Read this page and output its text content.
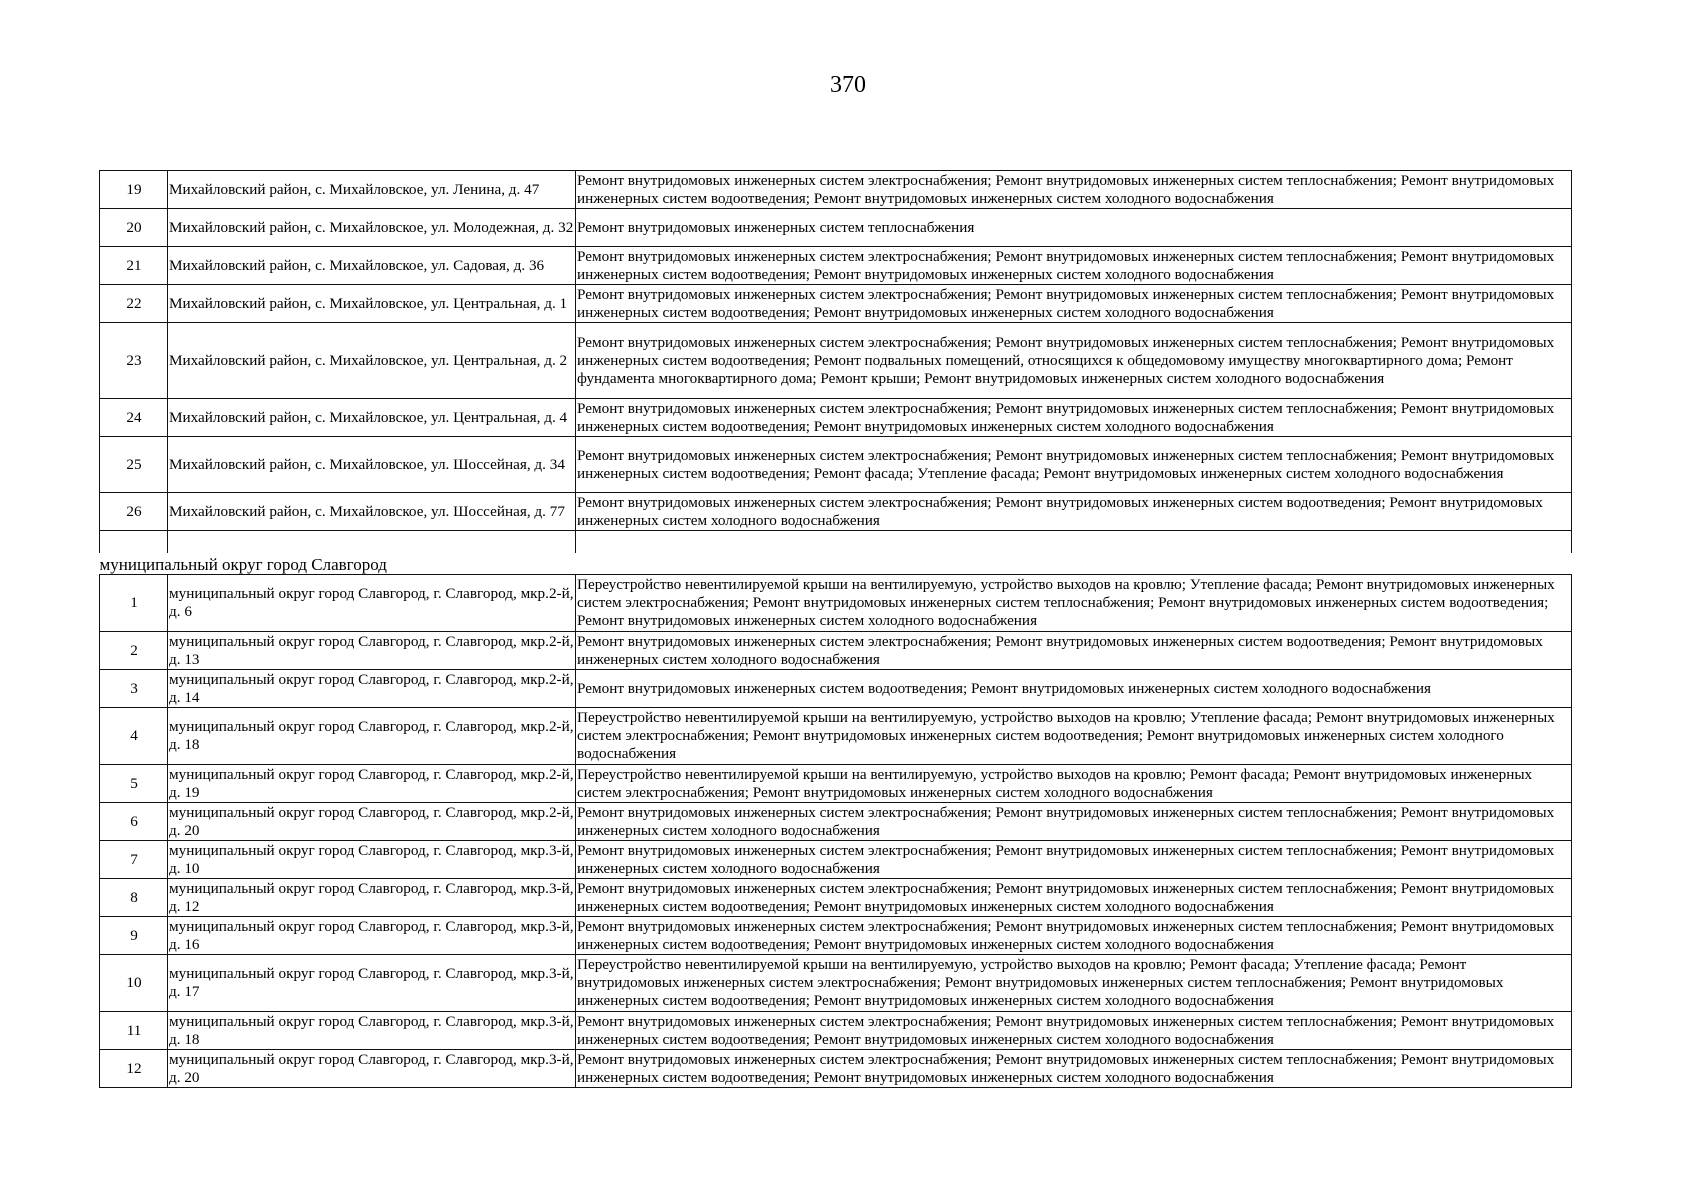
370
19	Михайловский район, с. Михайловское, ул. Ленина, д. 47	Ремонт внутридомовых инженерных систем электроснабжения; Ремонт внутридомовых инженерных систем теплоснабжения; Ремонт внутридомовых инженерных систем водоотведения; Ремонт внутридомовых инженерных систем холодного водоснабжения
20	Михайловский район, с. Михайловское, ул. Молодежная, д. 32	Ремонт внутридомовых инженерных систем теплоснабжения
21	Михайловский район, с. Михайловское, ул. Садовая, д. 36	Ремонт внутридомовых инженерных систем электроснабжения; Ремонт внутридомовых инженерных систем теплоснабжения; Ремонт внутридомовых инженерных систем водоотведения; Ремонт внутридомовых инженерных систем холодного водоснабжения
22	Михайловский район, с. Михайловское, ул. Центральная, д. 1	Ремонт внутридомовых инженерных систем электроснабжения; Ремонт внутридомовых инженерных систем теплоснабжения; Ремонт внутридомовых инженерных систем водоотведения; Ремонт внутридомовых инженерных систем холодного водоснабжения
23	Михайловский район, с. Михайловское, ул. Центральная, д. 2	Ремонт внутридомовых инженерных систем электроснабжения; Ремонт внутридомовых инженерных систем теплоснабжения; Ремонт внутридомовых инженерных систем водоотведения; Ремонт подвальных помещений, относящихся к общедомовому имуществу многоквартирного дома; Ремонт фундамента многоквартирного дома; Ремонт крыши; Ремонт внутридомовых инженерных систем холодного водоснабжения
24	Михайловский район, с. Михайловское, ул. Центральная, д. 4	Ремонт внутридомовых инженерных систем электроснабжения; Ремонт внутридомовых инженерных систем теплоснабжения; Ремонт внутридомовых инженерных систем водоотведения; Ремонт внутридомовых инженерных систем холодного водоснабжения
25	Михайловский район, с. Михайловское, ул. Шоссейная, д. 34	Ремонт внутридомовых инженерных систем электроснабжения; Ремонт внутридомовых инженерных систем теплоснабжения; Ремонт внутридомовых инженерных систем водоотведения; Ремонт фасада; Утепление фасада; Ремонт внутридомовых инженерных систем холодного водоснабжения
26	Михайловский район, с. Михайловское, ул. Шоссейная, д. 77	Ремонт внутридомовых инженерных систем электроснабжения; Ремонт внутридомовых инженерных систем водоотведения; Ремонт внутридомовых инженерных систем холодного водоснабжения

муниципальный округ город Славгород		
1	муниципальный округ город Славгород, г. Славгород, мкр.2-й, д. 6	Переустройство невентилируемой крыши на вентилируемую, устройство выходов на кровлю; Утепление фасада; Ремонт внутридомовых инженерных систем электроснабжения; Ремонт внутридомовых инженерных систем теплоснабжения; Ремонт внутридомовых инженерных систем водоотведения; Ремонт внутридомовых инженерных систем холодного водоснабжения
2	муниципальный округ город Славгород, г. Славгород, мкр.2-й, д. 13	Ремонт внутридомовых инженерных систем электроснабжения; Ремонт внутридомовых инженерных систем водоотведения; Ремонт внутридомовых инженерных систем холодного водоснабжения
3	муниципальный округ город Славгород, г. Славгород, мкр.2-й, д. 14	Ремонт внутридомовых инженерных систем водоотведения; Ремонт внутридомовых инженерных систем холодного водоснабжения
4	муниципальный округ город Славгород, г. Славгород, мкр.2-й, д. 18	Переустройство невентилируемой крыши на вентилируемую, устройство выходов на кровлю; Утепление фасада; Ремонт внутридомовых инженерных систем электроснабжения; Ремонт внутридомовых инженерных систем водоотведения; Ремонт внутридомовых инженерных систем холодного водоснабжения
5	муниципальный округ город Славгород, г. Славгород, мкр.2-й, д. 19	Переустройство невентилируемой крыши на вентилируемую, устройство выходов на кровлю; Ремонт фасада; Ремонт внутридомовых инженерных систем электроснабжения; Ремонт внутридомовых инженерных систем холодного водоснабжения
6	муниципальный округ город Славгород, г. Славгород, мкр.2-й, д. 20	Ремонт внутридомовых инженерных систем электроснабжения; Ремонт внутридомовых инженерных систем теплоснабжения; Ремонт внутридомовых инженерных систем холодного водоснабжения
7	муниципальный округ город Славгород, г. Славгород, мкр.3-й, д. 10	Ремонт внутридомовых инженерных систем электроснабжения; Ремонт внутридомовых инженерных систем теплоснабжения; Ремонт внутридомовых инженерных систем холодного водоснабжения
8	муниципальный округ город Славгород, г. Славгород, мкр.3-й, д. 12	Ремонт внутридомовых инженерных систем электроснабжения; Ремонт внутридомовых инженерных систем теплоснабжения; Ремонт внутридомовых инженерных систем водоотведения; Ремонт внутридомовых инженерных систем холодного водоснабжения
9	муниципальный округ город Славгород, г. Славгород, мкр.3-й, д. 16	Ремонт внутридомовых инженерных систем электроснабжения; Ремонт внутридомовых инженерных систем теплоснабжения; Ремонт внутридомовых инженерных систем водоотведения; Ремонт внутридомовых инженерных систем холодного водоснабжения
10	муниципальный округ город Славгород, г. Славгород, мкр.3-й, д. 17	Переустройство невентилируемой крыши на вентилируемую, устройство выходов на кровлю; Ремонт фасада; Утепление фасада; Ремонт внутридомовых инженерных систем электроснабжения; Ремонт внутридомовых инженерных систем теплоснабжения; Ремонт внутридомовых инженерных систем водоотведения; Ремонт внутридомовых инженерных систем холодного водоснабжения
11	муниципальный округ город Славгород, г. Славгород, мкр.3-й, д. 18	Ремонт внутридомовых инженерных систем электроснабжения; Ремонт внутридомовых инженерных систем теплоснабжения; Ремонт внутридомовых инженерных систем водоотведения; Ремонт внутридомовых инженерных систем холодного водоснабжения
12	муниципальный округ город Славгород, г. Славгород, мкр.3-й, д. 20	Ремонт внутридомовых инженерных систем электроснабжения; Ремонт внутридомовых инженерных систем теплоснабжения; Ремонт внутридомовых инженерных систем водоотведения; Ремонт внутридомовых инженерных систем холодного водоснабжения
